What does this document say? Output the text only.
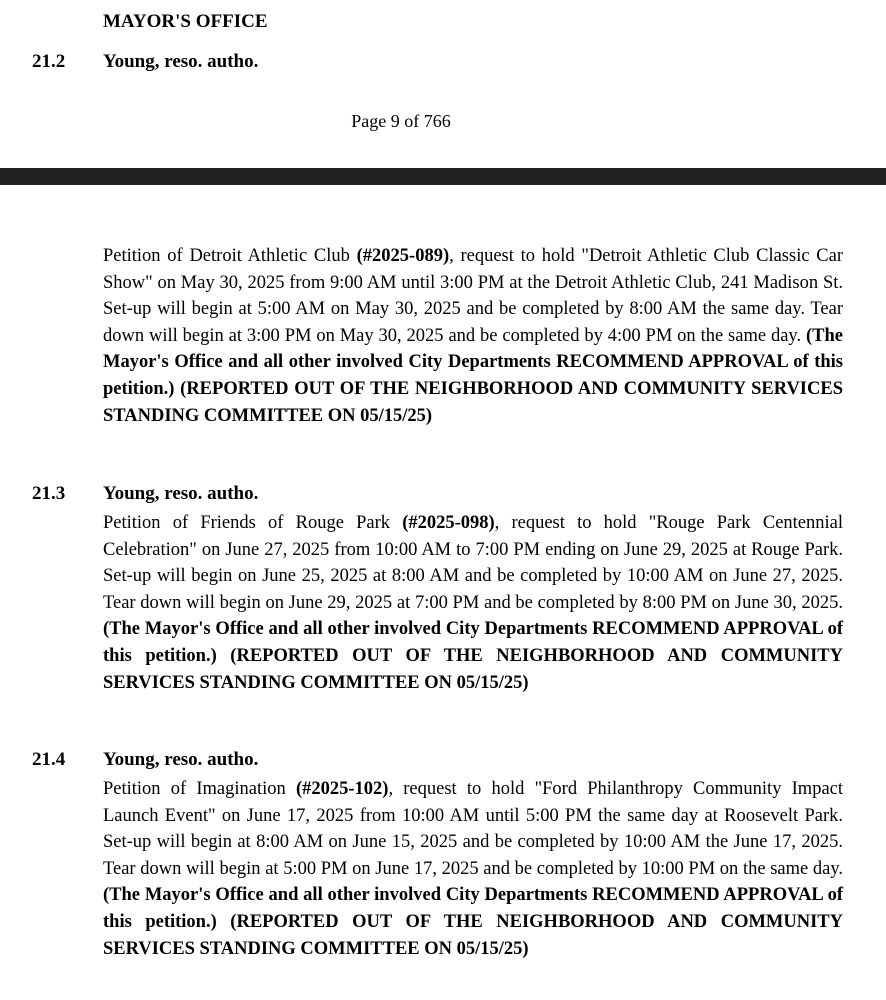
MAYOR'S OFFICE
21.2 Young, reso. autho.
Page 9 of 766
Petition of Detroit Athletic Club (#2025-089), request to hold "Detroit Athletic Club Classic Car Show" on May 30, 2025 from 9:00 AM until 3:00 PM at the Detroit Athletic Club, 241 Madison St. Set-up will begin at 5:00 AM on May 30, 2025 and be completed by 8:00 AM the same day. Tear down will begin at 3:00 PM on May 30, 2025 and be completed by 4:00 PM on the same day. (The Mayor's Office and all other involved City Departments RECOMMEND APPROVAL of this petition.) (REPORTED OUT OF THE NEIGHBORHOOD AND COMMUNITY SERVICES STANDING COMMITTEE ON 05/15/25)
21.3 Young, reso. autho.
Petition of Friends of Rouge Park (#2025-098), request to hold "Rouge Park Centennial Celebration" on June 27, 2025 from 10:00 AM to 7:00 PM ending on June 29, 2025 at Rouge Park. Set-up will begin on June 25, 2025 at 8:00 AM and be completed by 10:00 AM on June 27, 2025. Tear down will begin on June 29, 2025 at 7:00 PM and be completed by 8:00 PM on June 30, 2025. (The Mayor's Office and all other involved City Departments RECOMMEND APPROVAL of this petition.) (REPORTED OUT OF THE NEIGHBORHOOD AND COMMUNITY SERVICES STANDING COMMITTEE ON 05/15/25)
21.4 Young, reso. autho.
Petition of Imagination (#2025-102), request to hold "Ford Philanthropy Community Impact Launch Event" on June 17, 2025 from 10:00 AM until 5:00 PM the same day at Roosevelt Park. Set-up will begin at 8:00 AM on June 15, 2025 and be completed by 10:00 AM the June 17, 2025. Tear down will begin at 5:00 PM on June 17, 2025 and be completed by 10:00 PM on the same day. (The Mayor's Office and all other involved City Departments RECOMMEND APPROVAL of this petition.) (REPORTED OUT OF THE NEIGHBORHOOD AND COMMUNITY SERVICES STANDING COMMITTEE ON 05/15/25)
